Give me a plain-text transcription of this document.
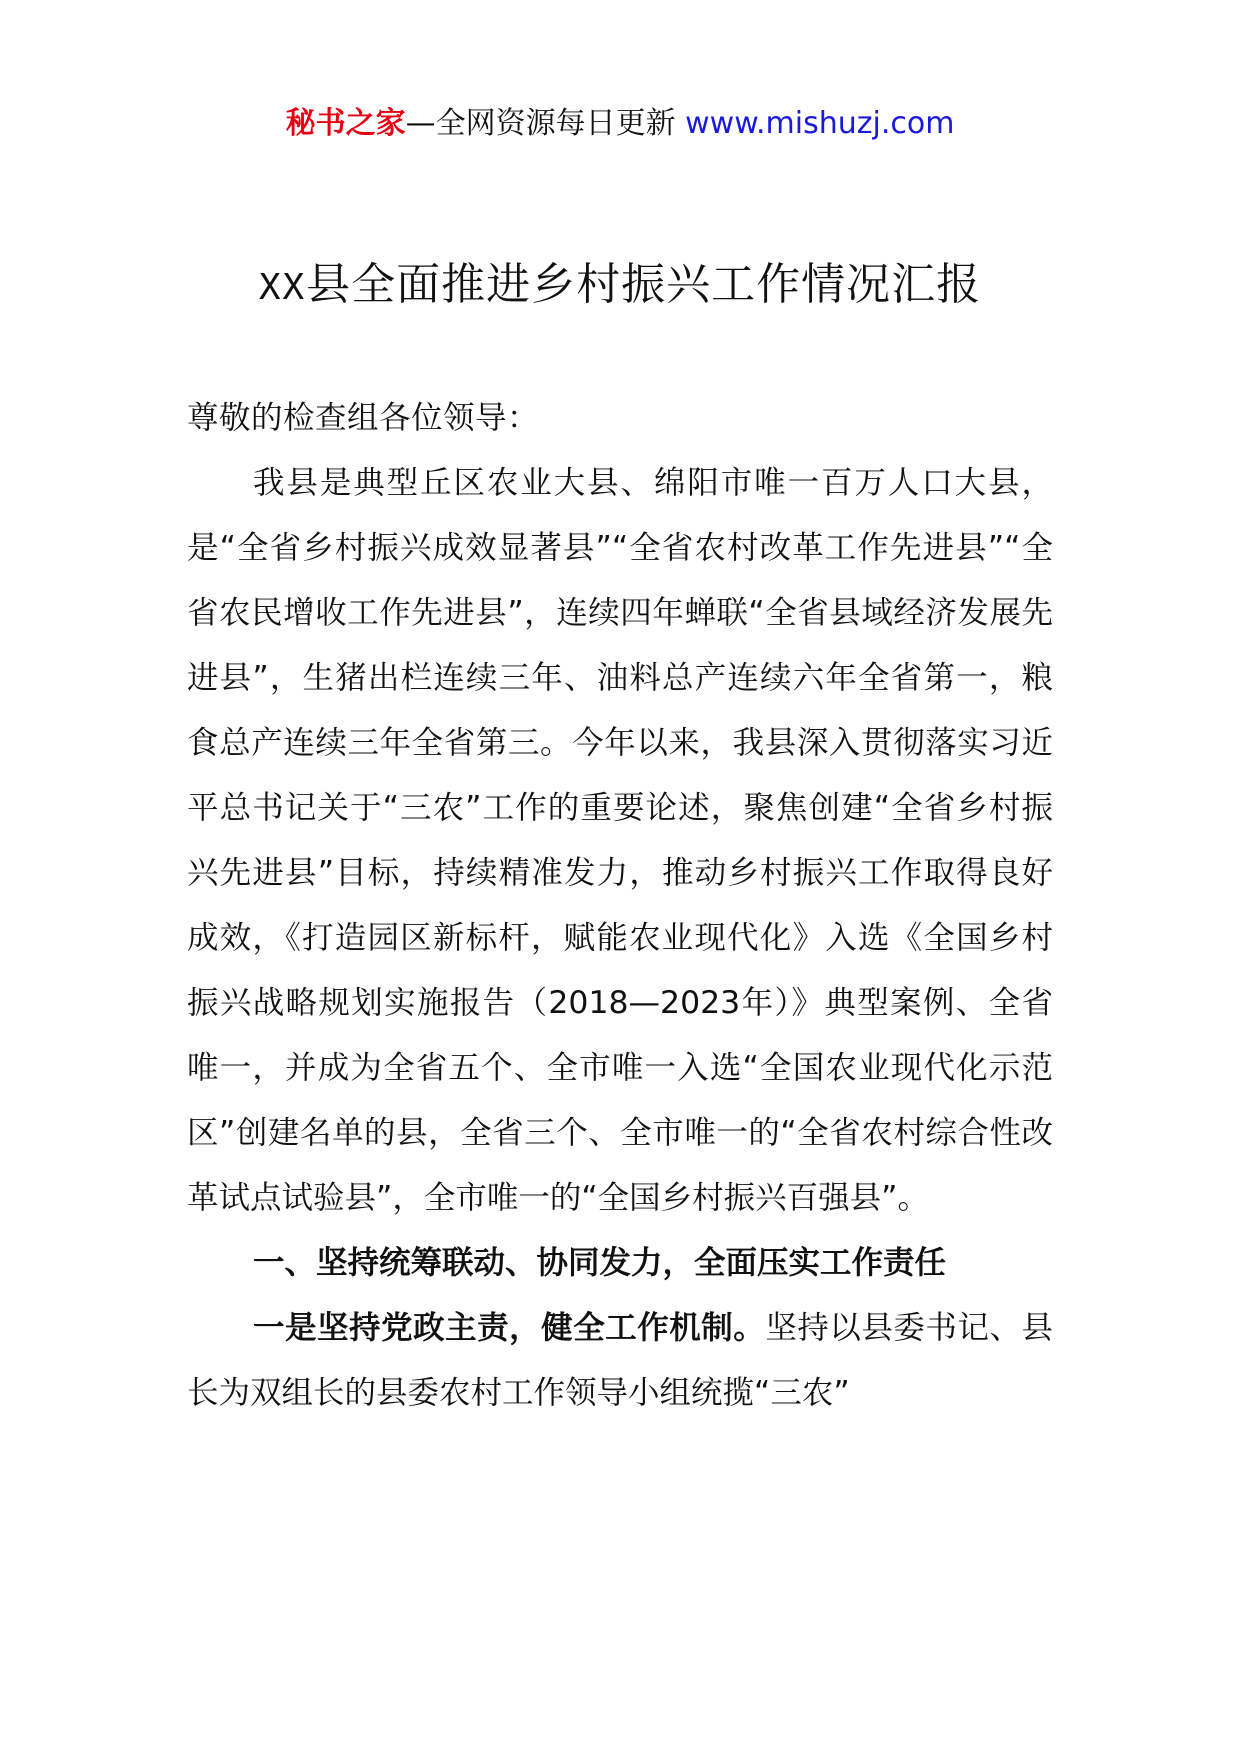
秘书之家—全网资源每日更新 www.mishuzj.com
XX县全面推进乡村振兴工作情况汇报

尊敬的检查组各位领导：

我县是典型丘区农业大县、绵阳市唯一百万人口大县，是“全省乡村振兴成效显著县”“全省农村改革工作先进县”“全省农民增收工作先进县”，连续四年蝉联“全省县域经济发展先进县”，生猪出栏连续三年、油料总产连续六年全省第一，粮食总产连续三年全省第三。今年以来，我县深入贯彻落实习近平总书记关于“三农”工作的重要论述，聚焦创建“全省乡村振兴先进县”目标，持续精准发力，推动乡村振兴工作取得良好成效，《打造园区新标杆，赋能农业现代化》入选《全国乡村振兴战略规划实施报告（2018—2023年）》典型案例、全省唯一，并成为全省五个、全市唯一入选“全国农业现代化示范区”创建名单的县，全省三个、全市唯一的“全省农村综合性改革试点试验县”，全市唯一的“全国乡村振兴百强县”。

一、坚持统筹联动、协同发力，全面压实工作责任

一是坚持党政主责，健全工作机制。坚持以县委书记、县长为双组长的县委农村工作领导小组统揽“三农”
